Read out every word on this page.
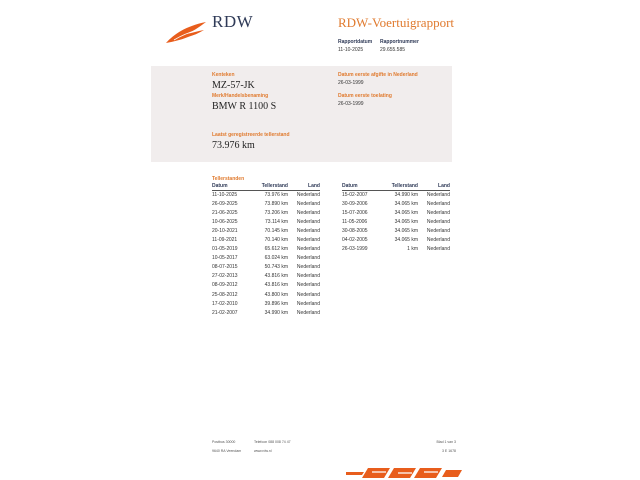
RDW	RDW-Voertuigrapport
Rapportdatum
11-10-2025
Rapportnummer
29.655.585
Kenteken
MZ-57-JK
Merk/Handelsbenaming
BMW R 1100 S
Datum eerste afgifte in Nederland
26-03-1999
Datum eerste toelating
26-03-1999
Laatst geregistreerde tellerstand
73.976 km
Tellerstanden
Datum	Tellerstand	Land
11-10-2025	73.976 km	Nederland
26-09-2025	73.890 km	Nederland
21-06-2025	73.206 km	Nederland
10-06-2025	73.114 km	Nederland
20-10-2021	70.145 km	Nederland
11-09-2021	70.140 km	Nederland
01-05-2019	65.612 km	Nederland
10-05-2017	63.024 km	Nederland
08-07-2015	50.743 km	Nederland
27-02-2013	43.816 km	Nederland
08-09-2012	43.816 km	Nederland
25-08-2012	43.800 km	Nederland
17-02-2010	39.896 km	Nederland
21-02-2007	34.990 km	Nederland
Datum	Tellerstand	Land
15-02-2007	34.990 km	Nederland
30-09-2006	34.065 km	Nederland
15-07-2006	34.065 km	Nederland
11-05-2006	34.065 km	Nederland
30-08-2005	34.065 km	Nederland
04-02-2005	34.065 km	Nederland
26-03-1999	1 km	Nederland
Postbus 30000
9640 RA Veendam
Telefoon 088 008 74 47
www.rdw.nl
Blad 1 van 3
3 E 1678
